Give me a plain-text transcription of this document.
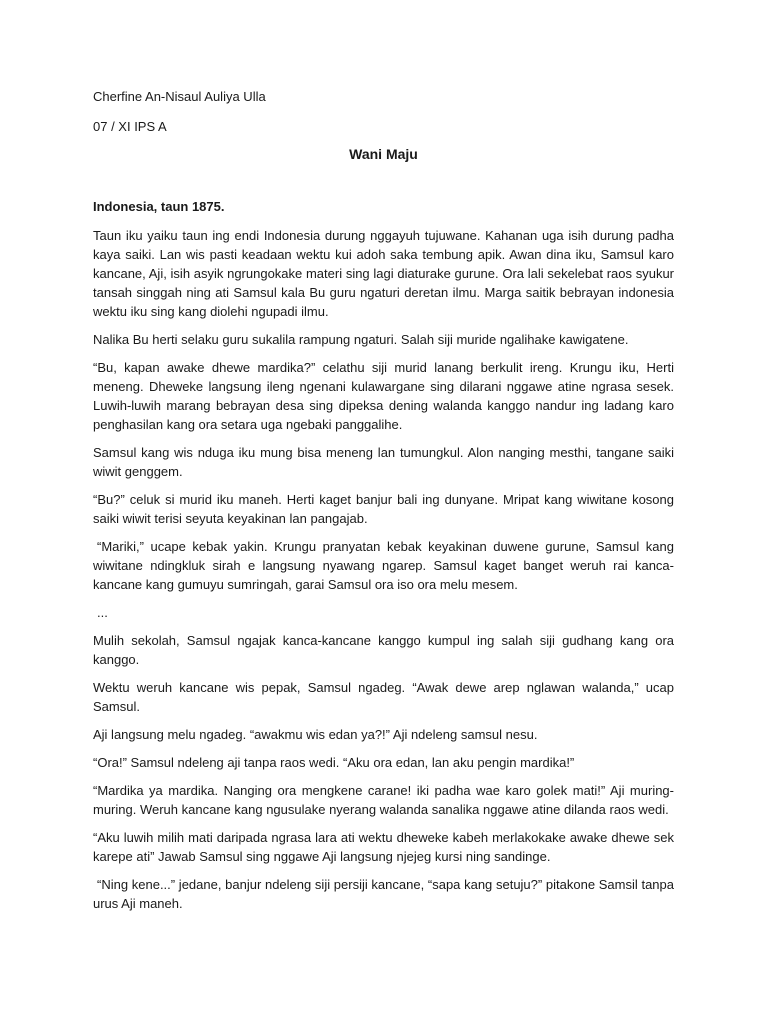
Cherfine An-Nisaul Auliya Ulla

07 / XI IPS A

Wani Maju

Indonesia, taun 1875.

Taun iku yaiku taun ing endi Indonesia durung nggayuh tujuwane. Kahanan uga isih durung padha kaya saiki. Lan wis pasti keadaan wektu kui adoh saka tembung apik. Awan dina iku, Samsul karo kancane, Aji, isih asyik ngrungokake materi sing lagi diaturake gurune. Ora lali sekelebat raos syukur tansah singgah ning ati Samsul kala Bu guru ngaturi deretan ilmu. Marga saitik bebrayan indonesia wektu iku sing kang diolehi ngupadi ilmu.

Nalika Bu herti selaku guru sukalila rampung ngaturi. Salah siji muride ngalihake kawigatene.

“Bu, kapan awake dhewe mardika?” celathu siji murid lanang berkulit ireng. Krungu iku, Herti meneng. Dheweke langsung ileng ngenani kulawargane sing dilarani nggawe atine ngrasa sesek. Luwih-luwih marang bebrayan desa sing dipeksa dening walanda kanggo nandur ing ladang karo penghasilan kang ora setara uga ngebaki panggalihe.

Samsul kang wis nduga iku mung bisa meneng lan tumungkul. Alon nanging mesthi, tangane saiki wiwit genggem.

“Bu?” celuk si murid iku maneh. Herti kaget banjur bali ing dunyane. Mripat kang wiwitane kosong saiki wiwit terisi seyuta keyakinan lan pangajab.

“Mariki,” ucape kebak yakin. Krungu pranyatan kebak keyakinan duwene gurune, Samsul kang wiwitane ndingkluk sirah e langsung nyawang ngarep. Samsul kaget banget weruh rai kanca-kancane kang gumuyu sumringah, garai Samsul ora iso ora melu mesem.

...

Mulih sekolah, Samsul ngajak kanca-kancane kanggo kumpul ing salah siji gudhang kang ora kanggo.

Wektu weruh kancane wis pepak, Samsul ngadeg. “Awak dewe arep nglawan walanda,” ucap Samsul.

Aji langsung melu ngadeg. “awakmu wis edan ya?!” Aji ndeleng samsul nesu.

“Ora!” Samsul ndeleng aji tanpa raos wedi. “Aku ora edan, lan aku pengin mardika!”

“Mardika ya mardika. Nanging ora mengkene carane! iki padha wae karo golek mati!” Aji muring-muring. Weruh kancane kang ngusulake nyerang walanda sanalika nggawe atine dilanda raos wedi.

“Aku luwih milih mati daripada ngrasa lara ati wektu dheweke kabeh merlakokake awake dhewe sek karepe ati” Jawab Samsul sing nggawe Aji langsung njejeg kursi ning sandinge.

“Ning kene...” jedane, banjur ndeleng siji persiji kancane, “sapa kang setuju?” pitakone Samsil tanpa urus Aji maneh.
